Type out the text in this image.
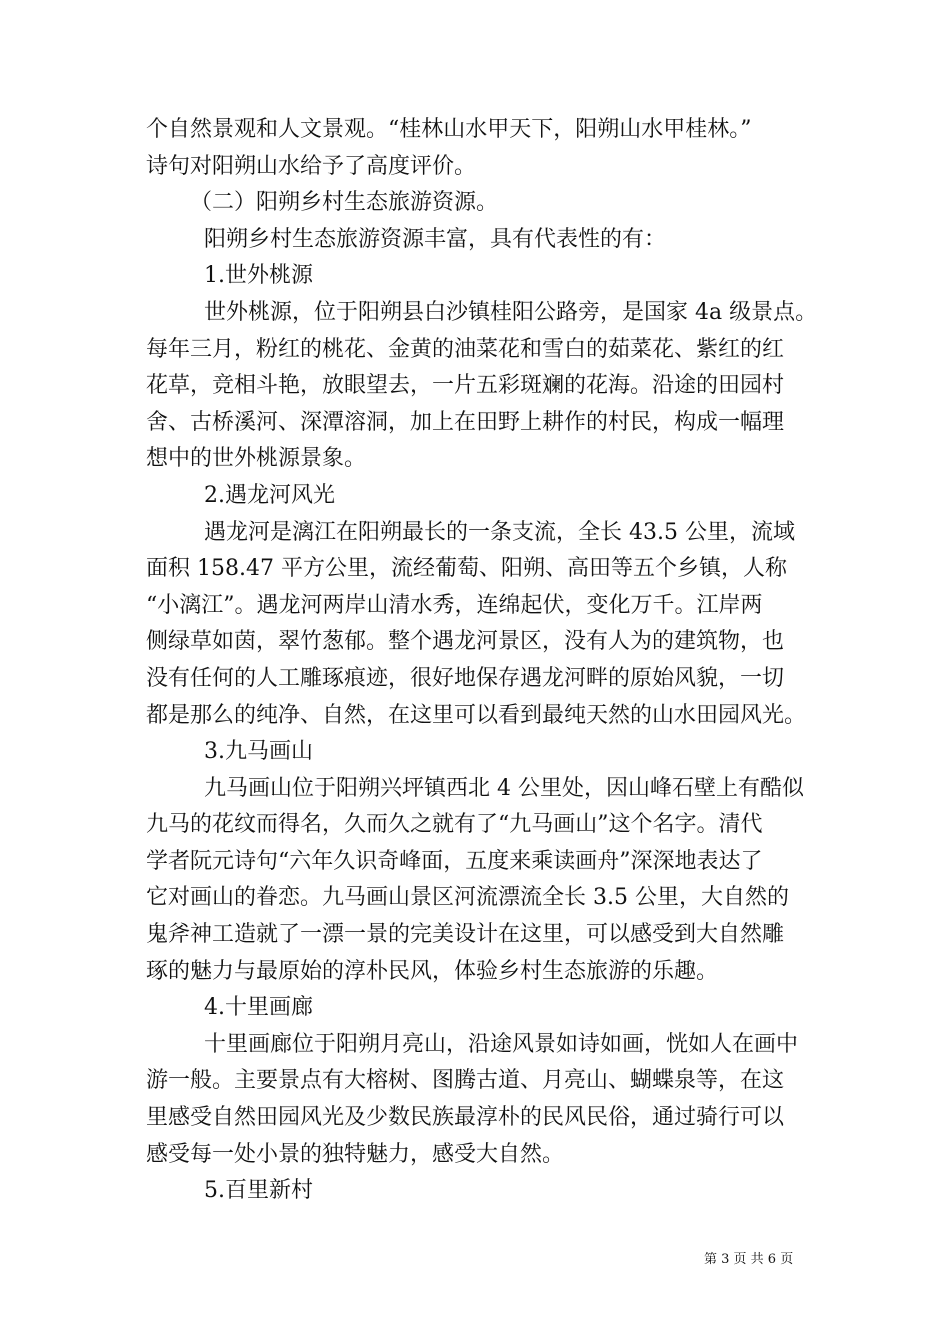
个自然景观和人文景观。“桂林山水甲天下，阳朔山水甲桂林。”
诗句对阳朔山水给予了高度评价。
（二）阳朔乡村生态旅游资源。
阳朔乡村生态旅游资源丰富，具有代表性的有：
1.世外桃源
世外桃源，位于阳朔县白沙镇桂阳公路旁，是国家 4a 级景点。
每年三月，粉红的桃花、金黄的油菜花和雪白的茹菜花、紫红的红
花草，竞相斗艳，放眼望去，一片五彩斑斓的花海。沿途的田园村
舍、古桥溪河、深潭溶洞，加上在田野上耕作的村民，构成一幅理
想中的世外桃源景象。
2.遇龙河风光
遇龙河是漓江在阳朔最长的一条支流，全长 43.5 公里，流域
面积 158.47 平方公里，流经葡萄、阳朔、高田等五个乡镇，人称
“小漓江”。遇龙河两岸山清水秀，连绵起伏，变化万千。江岸两
侧绿草如茵，翠竹葱郁。整个遇龙河景区，没有人为的建筑物，也
没有任何的人工雕琢痕迹，很好地保存遇龙河畔的原始风貌，一切
都是那么的纯净、自然，在这里可以看到最纯天然的山水田园风光。
3.九马画山
九马画山位于阳朔兴坪镇西北 4 公里处，因山峰石壁上有酷似
九马的花纹而得名，久而久之就有了“九马画山”这个名字。清代
学者阮元诗句“六年久识奇峰面，五度来乘读画舟”深深地表达了
它对画山的眷恋。九马画山景区河流漂流全长 3.5 公里，大自然的
鬼斧神工造就了一漂一景的完美设计在这里，可以感受到大自然雕
琢的魅力与最原始的淳朴民风，体验乡村生态旅游的乐趣。
4.十里画廊
十里画廊位于阳朔月亮山，沿途风景如诗如画，恍如人在画中
游一般。主要景点有大榕树、图腾古道、月亮山、蝴蝶泉等，在这
里感受自然田园风光及少数民族最淳朴的民风民俗，通过骑行可以
感受每一处小景的独特魅力，感受大自然。
5.百里新村
第 3 页 共 6 页
